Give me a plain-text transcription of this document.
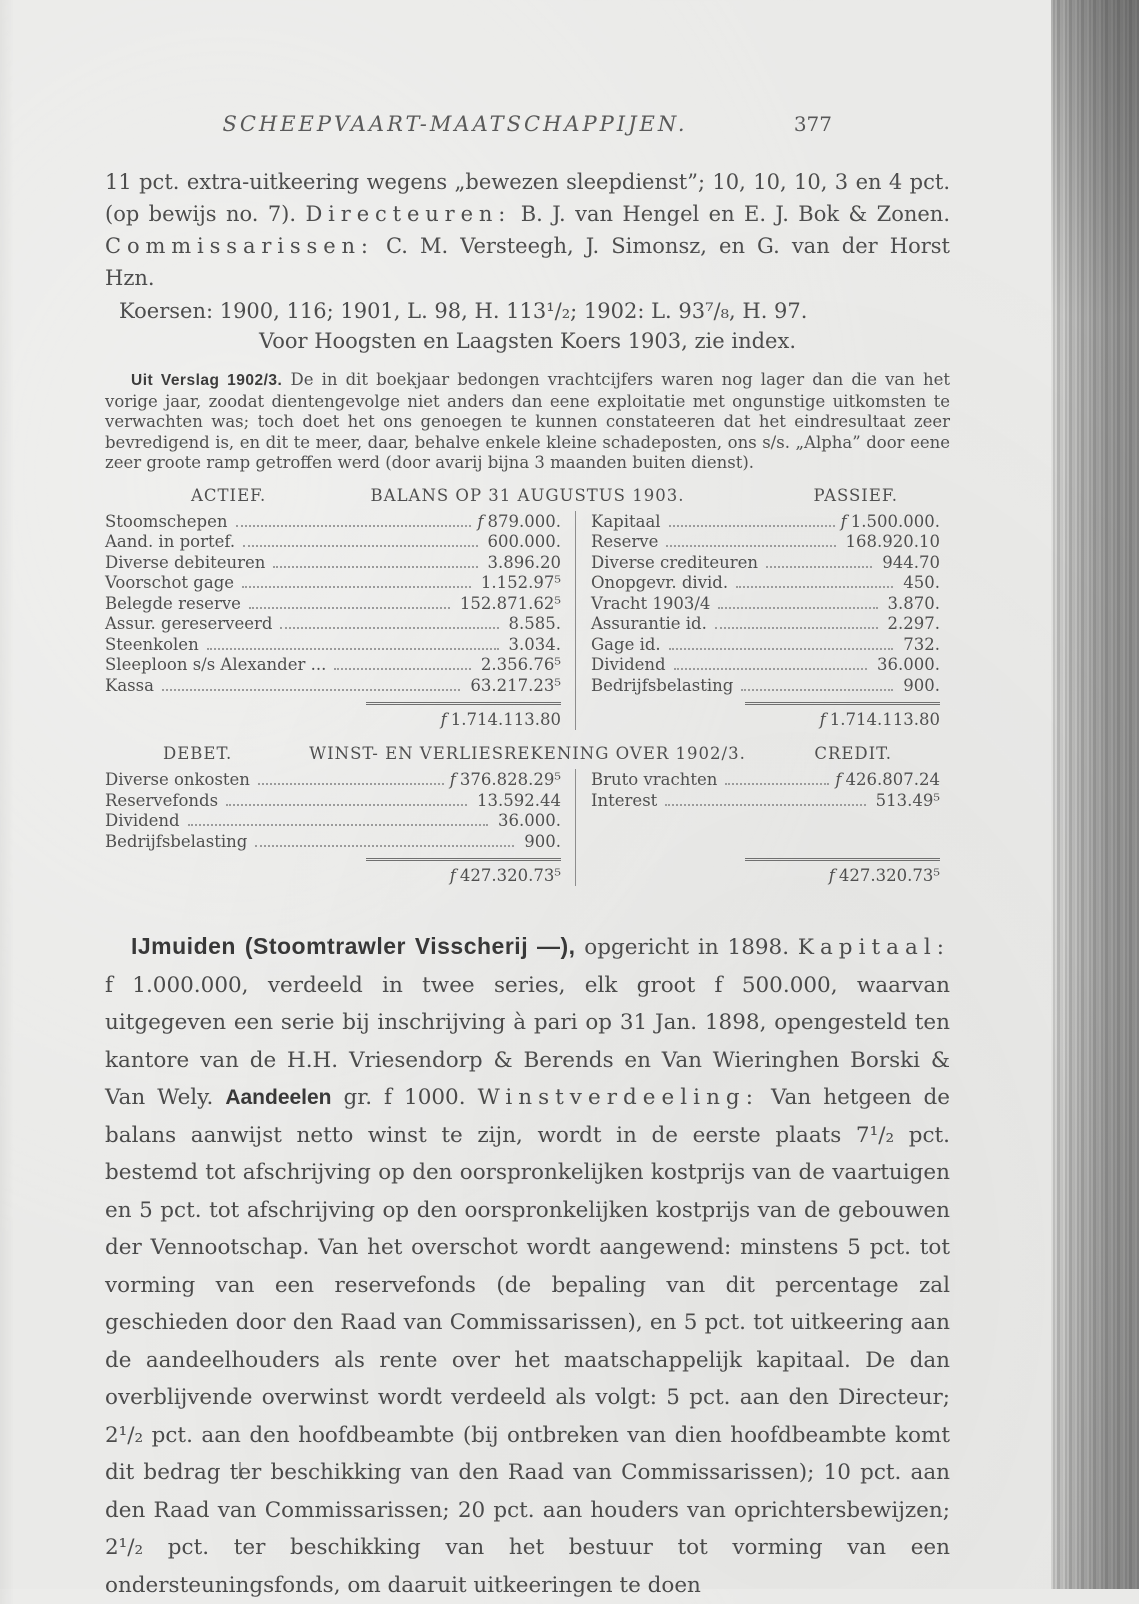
SCHEEPVAART-MAATSCHAPPIJEN.	377

11 pct. extra-uitkeering wegens „bewezen sleepdienst”; 10, 10, 10, 3 en 4 pct. (op bewijs no. 7). Directeuren: B. J. van Hengel en E. J. Bok & Zonen. Commissarissen: C. M. Versteegh, J. Simonsz, en G. van der Horst Hzn.

Koersen: 1900, 116; 1901, L. 98, H. 113¹/₂; 1902: L. 93⁷/₈, H. 97.
Voor Hoogsten en Laagsten Koers 1903, zie index.

Uit Verslag 1902/3. De in dit boekjaar bedongen vrachtcijfers waren nog lager dan die van het vorige jaar, zoodat dientengevolge niet anders dan eene exploitatie met ongunstige uitkomsten te verwachten was; toch doet het ons genoegen te kunnen constateeren dat het eindresultaat zeer bevredigend is, en dit te meer, daar, behalve enkele kleine schadeposten, ons s/s. „Alpha” door eene zeer groote ramp getroffen werd (door avarij bijna 3 maanden buiten dienst).

ACTIEF.	BALANS OP 31 AUGUSTUS 1903.	PASSIEF.
Stoomschepen	f 879.000.
Aand. in portef.	600.000.
Diverse debiteuren	3.896.20
Voorschot gage	1.152.97⁵
Belegde reserve	152.871.62⁵
Assur. gereserveerd	8.585.
Steenkolen	3.034.
Sleeploon s/s Alexander ...	2.356.76⁵
Kassa	63.217.23⁵
Kapitaal	f 1.500.000.
Reserve	168.920.10
Diverse crediteuren	944.70
Onopgevr. divid.	450.
Vracht 1903/4	3.870.
Assurantie id.	2.297.
Gage id.	732.
Dividend	36.000.
Bedrijfsbelasting	900.
f 1.714.113.80	f 1.714.113.80
DEBET.	WINST- EN VERLIESREKENING OVER 1902/3.	CREDIT.
Diverse onkosten	f 376.828.29⁵
Reservefonds	13.592.44
Dividend	36.000.
Bedrijfsbelasting	900.
Bruto vrachten	f 426.807.24
Interest	513.49⁵
f 427.320.73⁵	f 427.320.73⁵

IJmuiden (Stoomtrawler Visscherij —), opgericht in 1898. Kapitaal: f 1.000.000, verdeeld in twee series, elk groot f 500.000, waarvan uitgegeven een serie bij inschrijving à pari op 31 Jan. 1898, opengesteld ten kantore van de H.H. Vriesendorp & Berends en Van Wieringhen Borski & Van Wely. Aandeelen gr. f 1000. Winstverdeeling: Van hetgeen de balans aanwijst netto winst te zijn, wordt in de eerste plaats 7¹/₂ pct. bestemd tot afschrijving op den oorspronkelijken kostprijs van de vaartuigen en 5 pct. tot afschrijving op den oorspronkelijken kostprijs van de gebouwen der Vennootschap. Van het overschot wordt aangewend: minstens 5 pct. tot vorming van een reservefonds (de bepaling van dit percentage zal geschieden door den Raad van Commissarissen), en 5 pct. tot uitkeering aan de aandeelhouders als rente over het maatschappelijk kapitaal. De dan overblijvende overwinst wordt verdeeld als volgt: 5 pct. aan den Directeur; 2¹/₂ pct. aan den hoofdbeambte (bij ontbreken van dien hoofdbeambte komt dit bedrag ter beschikking van den Raad van Commissarissen); 10 pct. aan den Raad van Commissarissen; 20 pct. aan houders van oprichtersbewijzen; 2¹/₂ pct. ter beschikking van het bestuur tot vorming van een ondersteuningsfonds, om daaruit uitkeeringen te doen
